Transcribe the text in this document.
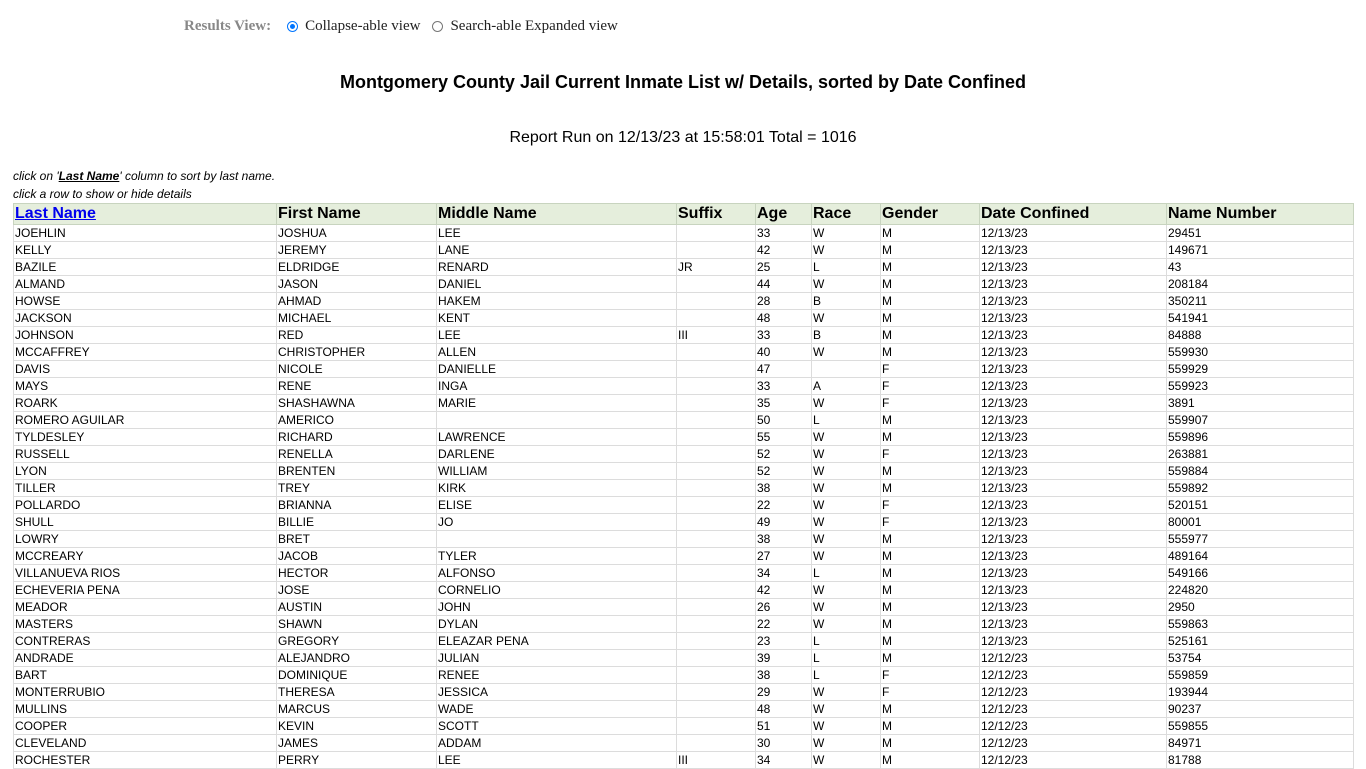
Results View: Collapse-able view Search-able Expanded view
Montgomery County Jail Current Inmate List w/ Details, sorted by Date Confined
Report Run on 12/13/23 at 15:58:01 Total = 1016
click on 'Last Name' column to sort by last name.
click a row to show or hide details
Last Name	First Name	Middle Name	Suffix	Age	Race	Gender	Date Confined	Name Number
JOEHLIN	JOSHUA	LEE		33	W	M	12/13/23	29451
KELLY	JEREMY	LANE		42	W	M	12/13/23	149671
BAZILE	ELDRIDGE	RENARD	JR	25	L	M	12/13/23	43
ALMAND	JASON	DANIEL		44	W	M	12/13/23	208184
HOWSE	AHMAD	HAKEM		28	B	M	12/13/23	350211
JACKSON	MICHAEL	KENT		48	W	M	12/13/23	541941
JOHNSON	RED	LEE	III	33	B	M	12/13/23	84888
MCCAFFREY	CHRISTOPHER	ALLEN		40	W	M	12/13/23	559930
DAVIS	NICOLE	DANIELLE		47		F	12/13/23	559929
MAYS	RENE	INGA		33	A	F	12/13/23	559923
ROARK	SHASHAWNA	MARIE		35	W	F	12/13/23	3891
ROMERO AGUILAR	AMERICO			50	L	M	12/13/23	559907
TYLDESLEY	RICHARD	LAWRENCE		55	W	M	12/13/23	559896
RUSSELL	RENELLA	DARLENE		52	W	F	12/13/23	263881
LYON	BRENTEN	WILLIAM		52	W	M	12/13/23	559884
TILLER	TREY	KIRK		38	W	M	12/13/23	559892
POLLARDO	BRIANNA	ELISE		22	W	F	12/13/23	520151
SHULL	BILLIE	JO		49	W	F	12/13/23	80001
LOWRY	BRET			38	W	M	12/13/23	555977
MCCREARY	JACOB	TYLER		27	W	M	12/13/23	489164
VILLANUEVA RIOS	HECTOR	ALFONSO		34	L	M	12/13/23	549166
ECHEVERIA PENA	JOSE	CORNELIO		42	W	M	12/13/23	224820
MEADOR	AUSTIN	JOHN		26	W	M	12/13/23	2950
MASTERS	SHAWN	DYLAN		22	W	M	12/13/23	559863
CONTRERAS	GREGORY	ELEAZAR PENA		23	L	M	12/13/23	525161
ANDRADE	ALEJANDRO	JULIAN		39	L	M	12/12/23	53754
BART	DOMINIQUE	RENEE		38	L	F	12/12/23	559859
MONTERRUBIO	THERESA	JESSICA		29	W	F	12/12/23	193944
MULLINS	MARCUS	WADE		48	W	M	12/12/23	90237
COOPER	KEVIN	SCOTT		51	W	M	12/12/23	559855
CLEVELAND	JAMES	ADDAM		30	W	M	12/12/23	84971
ROCHESTER	PERRY	LEE	III	34	W	M	12/12/23	81788
